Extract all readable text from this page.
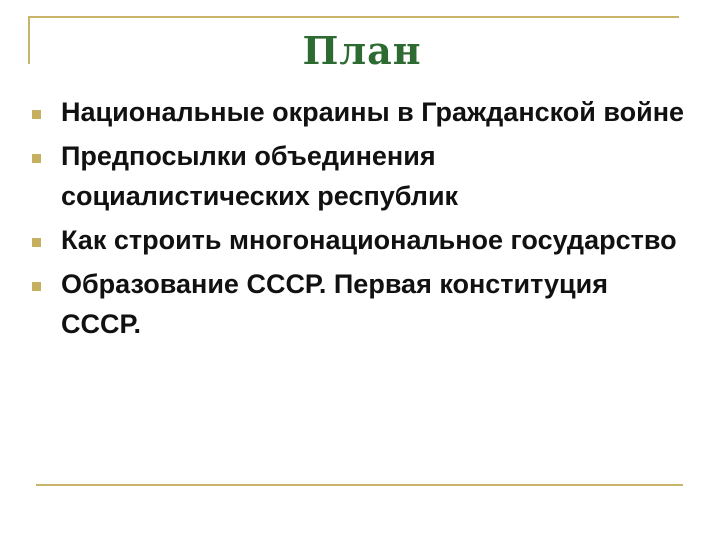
План
Национальные окраины в Гражданской войне
Предпосылки объединения социалистических республик
Как строить многонациональное государство
Образование СССР. Первая конституция СССР.
